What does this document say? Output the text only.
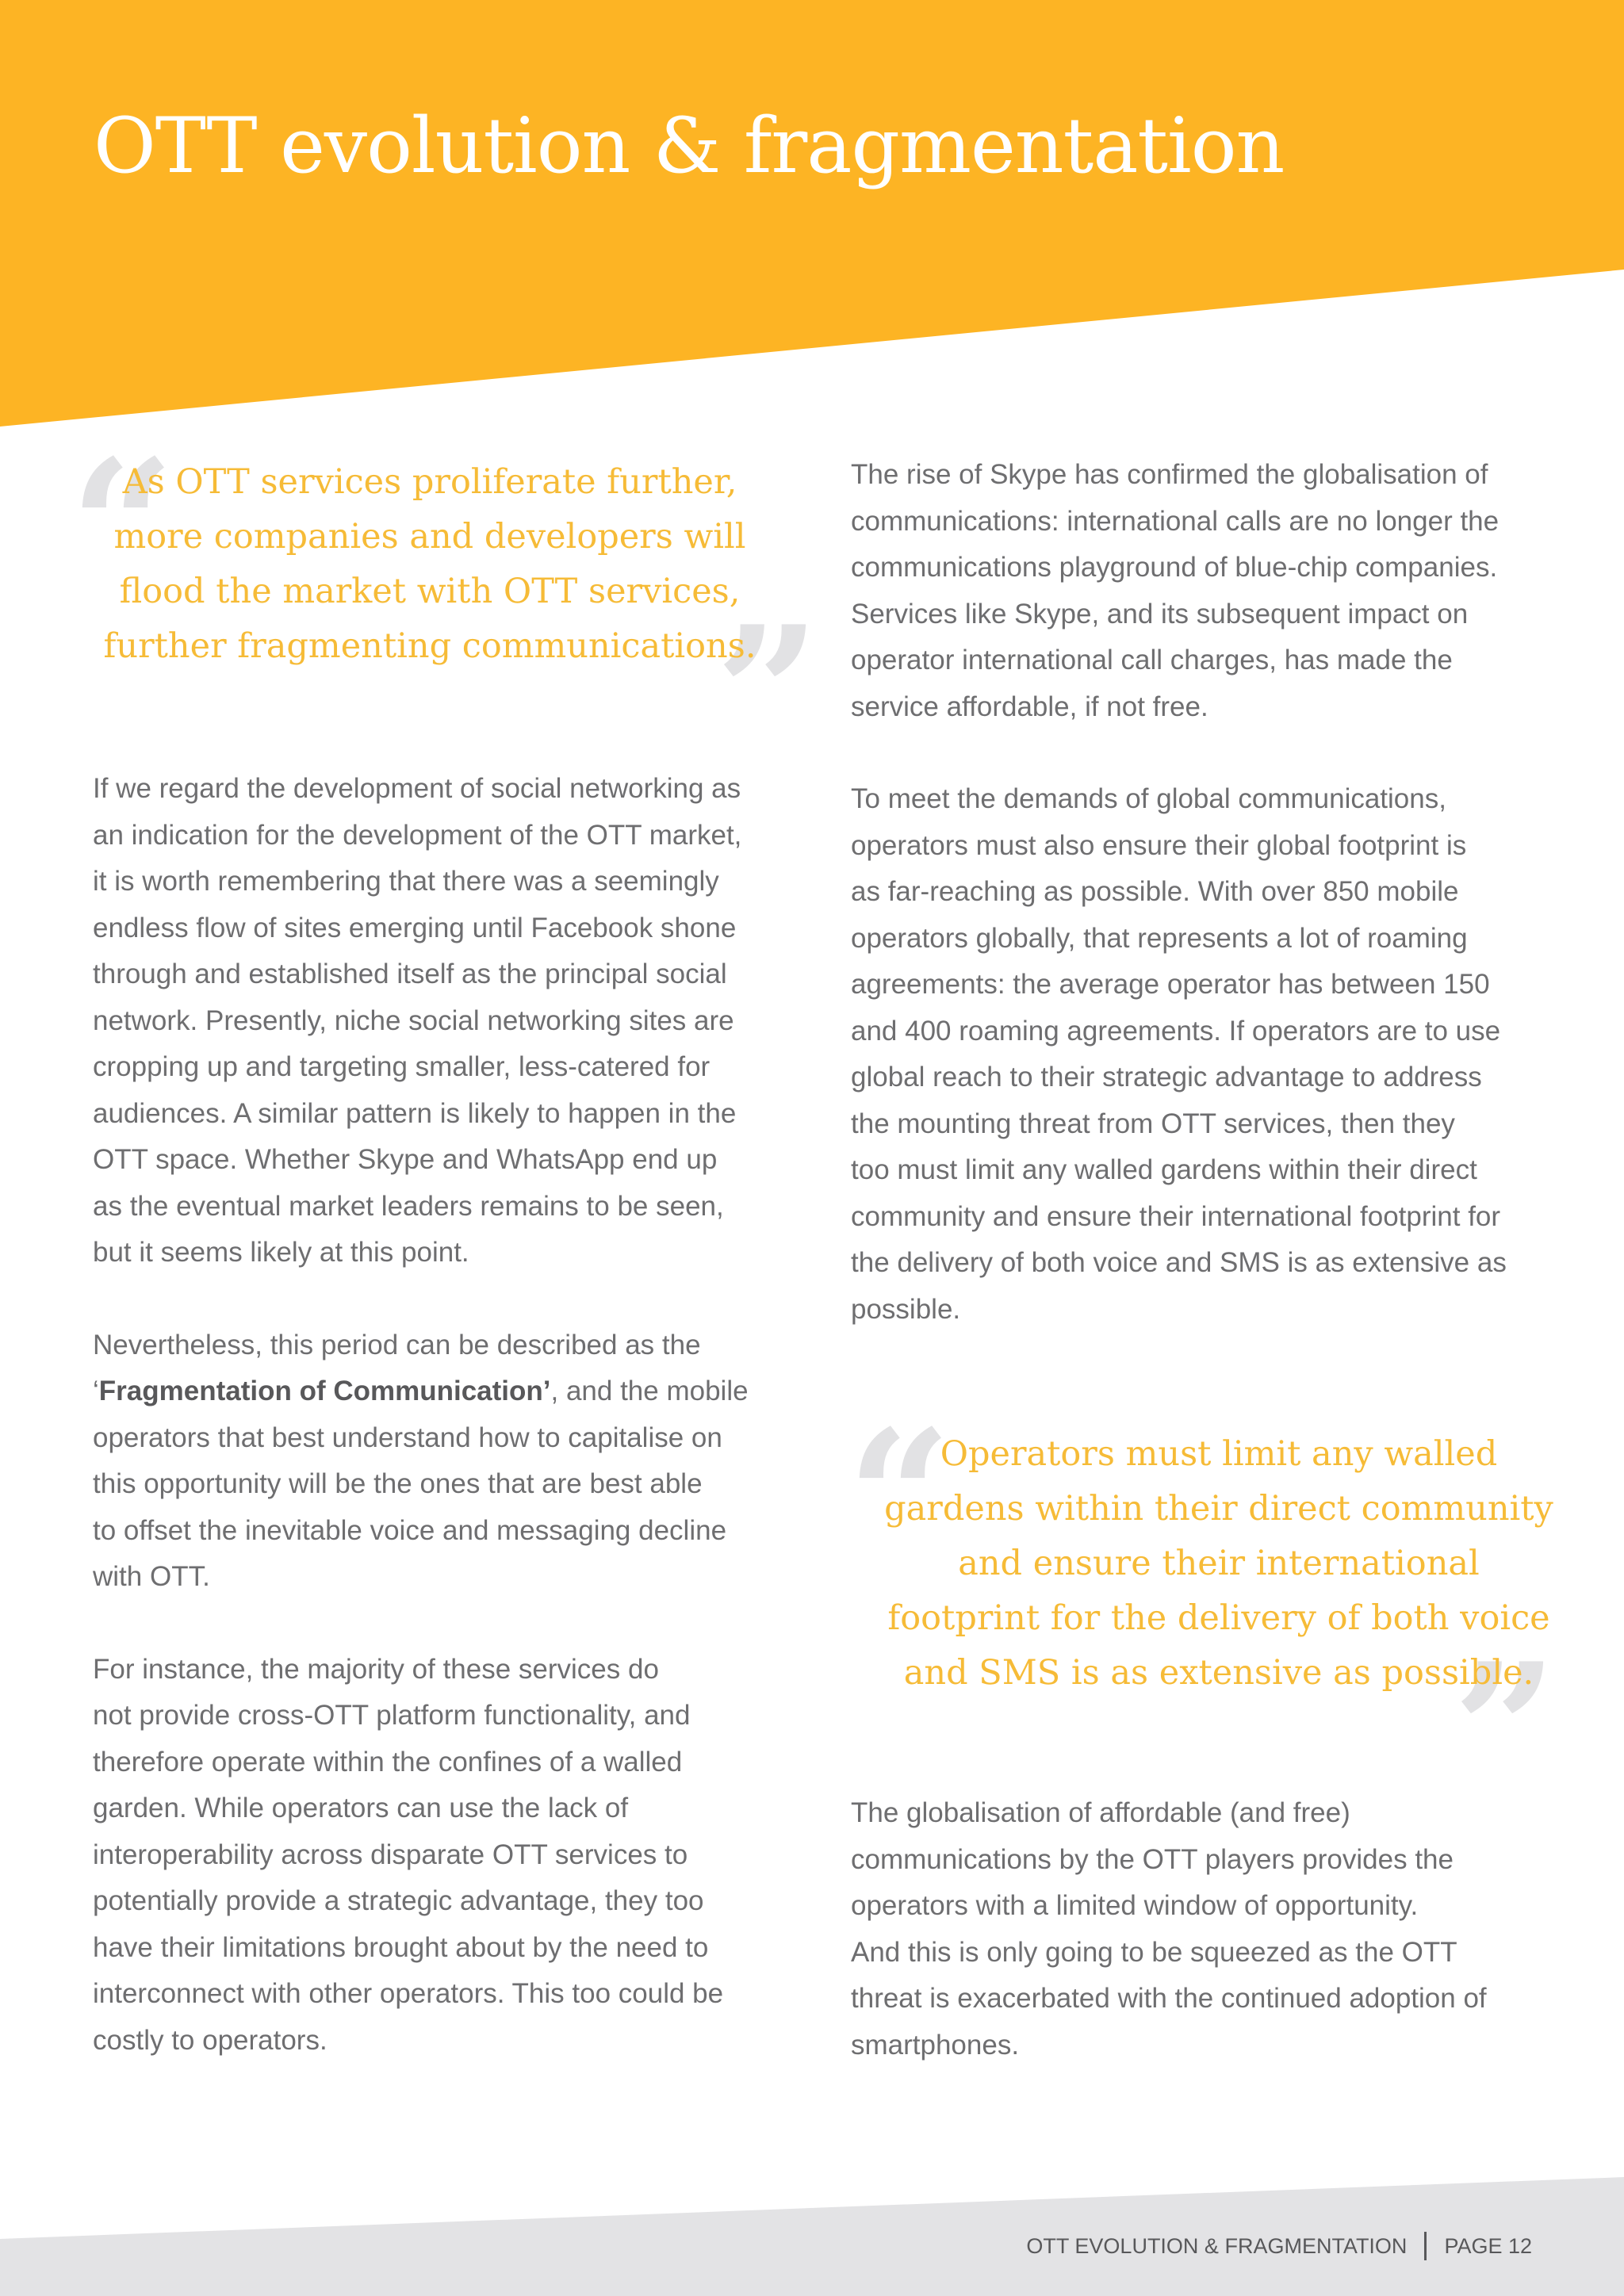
OTT evolution & fragmentation
“
As OTT services proliferate further,
more companies and developers will
flood the market with OTT services,
further fragmenting communications.
”

If we regard the development of social networking as
an indication for the development of the OTT market,
it is worth remembering that there was a seemingly
endless flow of sites emerging until Facebook shone
through and established itself as the principal social
network. Presently, niche social networking sites are
cropping up and targeting smaller, less-catered for
audiences. A similar pattern is likely to happen in the
OTT space. Whether Skype and WhatsApp end up
as the eventual market leaders remains to be seen,
but it seems likely at this point.

Nevertheless, this period can be described as the
‘Fragmentation of Communication’, and the mobile
operators that best understand how to capitalise on
this opportunity will be the ones that are best able
to offset the inevitable voice and messaging decline
with OTT.

For instance, the majority of these services do
not provide cross-OTT platform functionality, and
therefore operate within the confines of a walled
garden. While operators can use the lack of
interoperability across disparate OTT services to
potentially provide a strategic advantage, they too
have their limitations brought about by the need to
interconnect with other operators. This too could be
costly to operators.

The rise of Skype has confirmed the globalisation of
communications: international calls are no longer the
communications playground of blue-chip companies.
Services like Skype, and its subsequent impact on
operator international call charges, has made the
service affordable, if not free.

To meet the demands of global communications,
operators must also ensure their global footprint is
as far-reaching as possible. With over 850 mobile
operators globally, that represents a lot of roaming
agreements: the average operator has between 150
and 400 roaming agreements. If operators are to use
global reach to their strategic advantage to address
the mounting threat from OTT services, then they
too must limit any walled gardens within their direct
community and ensure their international footprint for
the delivery of both voice and SMS is as extensive as
possible.

“
Operators must limit any walled
gardens within their direct community
and ensure their international
footprint for the delivery of both voice
and SMS is as extensive as possible.
”

The globalisation of affordable (and free)
communications by the OTT players provides the
operators with a limited window of opportunity.
And this is only going to be squeezed as the OTT
threat is exacerbated with the continued adoption of
smartphones.

OTT EVOLUTION & FRAGMENTATION PAGE 12
